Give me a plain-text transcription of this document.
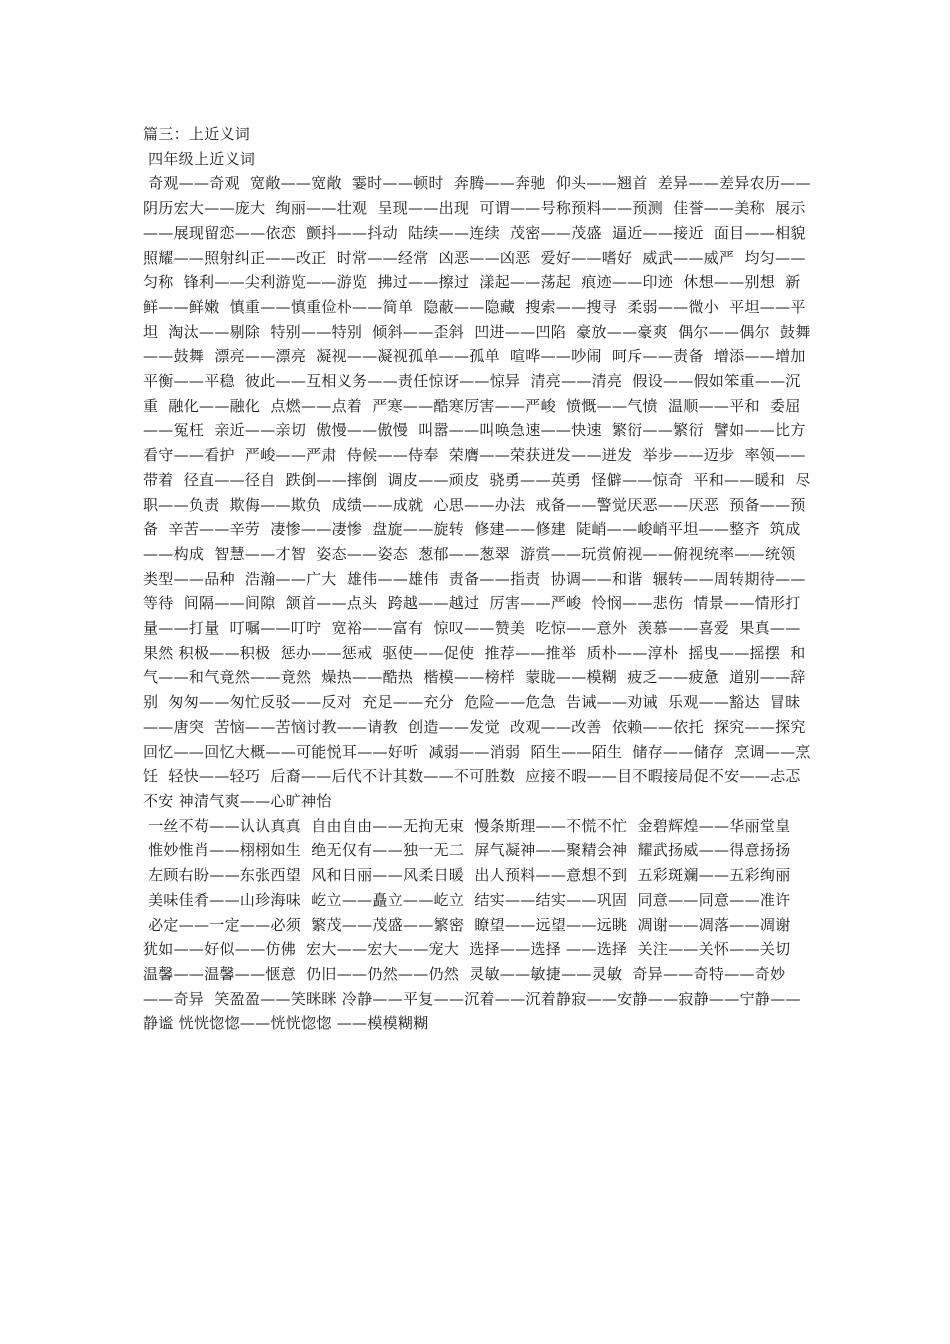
篇三：上近义词

四年级上近义词

奇观——奇观  宽敞——宽敞  霎时——顿时  奔腾——奔驰  仰头——翘首  差异——差异农历——阴历宏大——庞大  绚丽——壮观  呈现——出现  可谓——号称预料——预测  佳誉——美称  展示——展现留恋——依恋  颤抖——抖动  陆续——连续  茂密——茂盛  逼近——接近  面目——相貌  照耀——照射纠正——改正  时常——经常  凶恶——凶恶  爱好——嗜好  威武——威严  均匀——匀称  锋利——尖利游览——游览  拂过——擦过  漾起——荡起  痕迹——印迹  休想——别想  新鲜——鲜嫩  慎重——慎重俭朴——简单  隐蔽——隐藏  搜索——搜寻  柔弱——微小  平坦——平坦  淘汰——剔除  特别——特别  倾斜——歪斜  凹进——凹陷  豪放——豪爽  偶尔——偶尔  鼓舞——鼓舞  漂亮——漂亮  凝视——凝视孤单——孤单  喧哗——吵闹  呵斥——责备  增添——增加  平衡——平稳  彼此——互相义务——责任惊讶——惊异  清亮——清亮  假设——假如笨重——沉重  融化——融化  点燃——点着  严寒——酷寒厉害——严峻  愤慨——气愤  温顺——平和  委屈——冤枉  亲近——亲切  傲慢——傲慢  叫嚣——叫唤急速——快速  繁衍——繁衍  譬如——比方  看守——看护  严峻——严肃  侍候——侍奉  荣膺——荣获迸发——迸发  举步——迈步  率领——带着  径直——径自  跌倒——摔倒  调皮——顽皮  骁勇——英勇  怪僻——惊奇  平和——暖和  尽职——负责  欺侮——欺负  成绩——成就  心思——办法  戒备——警觉厌恶——厌恶  预备——预备  辛苦——辛劳  凄惨——凄惨  盘旋——旋转  修建——修建  陡峭——峻峭平坦——整齐  筑成——构成  智慧——才智  姿态——姿态  葱郁——葱翠  游赏——玩赏俯视——俯视统率——统领  类型——品种  浩瀚——广大  雄伟——雄伟  责备——指责  协调——和谐  辗转——周转期待——等待  间隔——间隙  颔首——点头  跨越——越过  厉害——严峻  怜悯——悲伤  情景——情形打量——打量  叮嘱——叮咛  宽裕——富有  惊叹——赞美  吃惊——意外  羡慕——喜爱  果真——果然 积极——积极  惩办——惩戒  驱使——促使  推荐——推举  质朴——淳朴  摇曳——摇摆  和气——和气竟然——竟然  燥热——酷热  楷模——榜样  蒙眬——模糊  疲乏——疲惫  道别——辞别  匆匆——匆忙反驳——反对  充足——充分  危险——危急  告诫——劝诫  乐观——豁达  冒昧——唐突  苦恼——苦恼讨教——请教  创造——发觉  改观——改善  依赖——依托  探究——探究  回忆——回忆大概——可能悦耳——好听  减弱——消弱  陌生——陌生  储存——储存  烹调——烹饪  轻快——轻巧  后裔——后代不计其数——不可胜数  应接不暇——目不暇接局促不安——忐忑不安 神清气爽——心旷神怡

一丝不苟——认认真真  自由自由——无拘无束  慢条斯理——不慌不忙  金碧辉煌——华丽堂皇

惟妙惟肖——栩栩如生  绝无仅有——独一无二  屏气凝神——聚精会神  耀武扬威——得意扬扬

左顾右盼——东张西望  风和日丽——风柔日暖  出人预料——意想不到  五彩斑斓——五彩绚丽

美味佳肴——山珍海味  屹立——矗立——屹立  结实——结实——巩固  同意——同意——准许

必定——一定——必须  繁茂——茂盛——繁密  瞭望——远望——远眺  凋谢——凋落——凋谢  犹如——好似——仿佛  宏大——宏大——宠大  选择——选择 ——选择  关注——关怀——关切  温馨——温馨——惬意  仍旧——仍然——仍然  灵敏——敏捷——灵敏  奇异——奇特——奇妙——奇异  笑盈盈——笑眯眯 冷静——平复——沉着——沉着静寂——安静——寂静——宁静——静谧 恍恍惚惚——恍恍惚惚 ——模模糊糊
